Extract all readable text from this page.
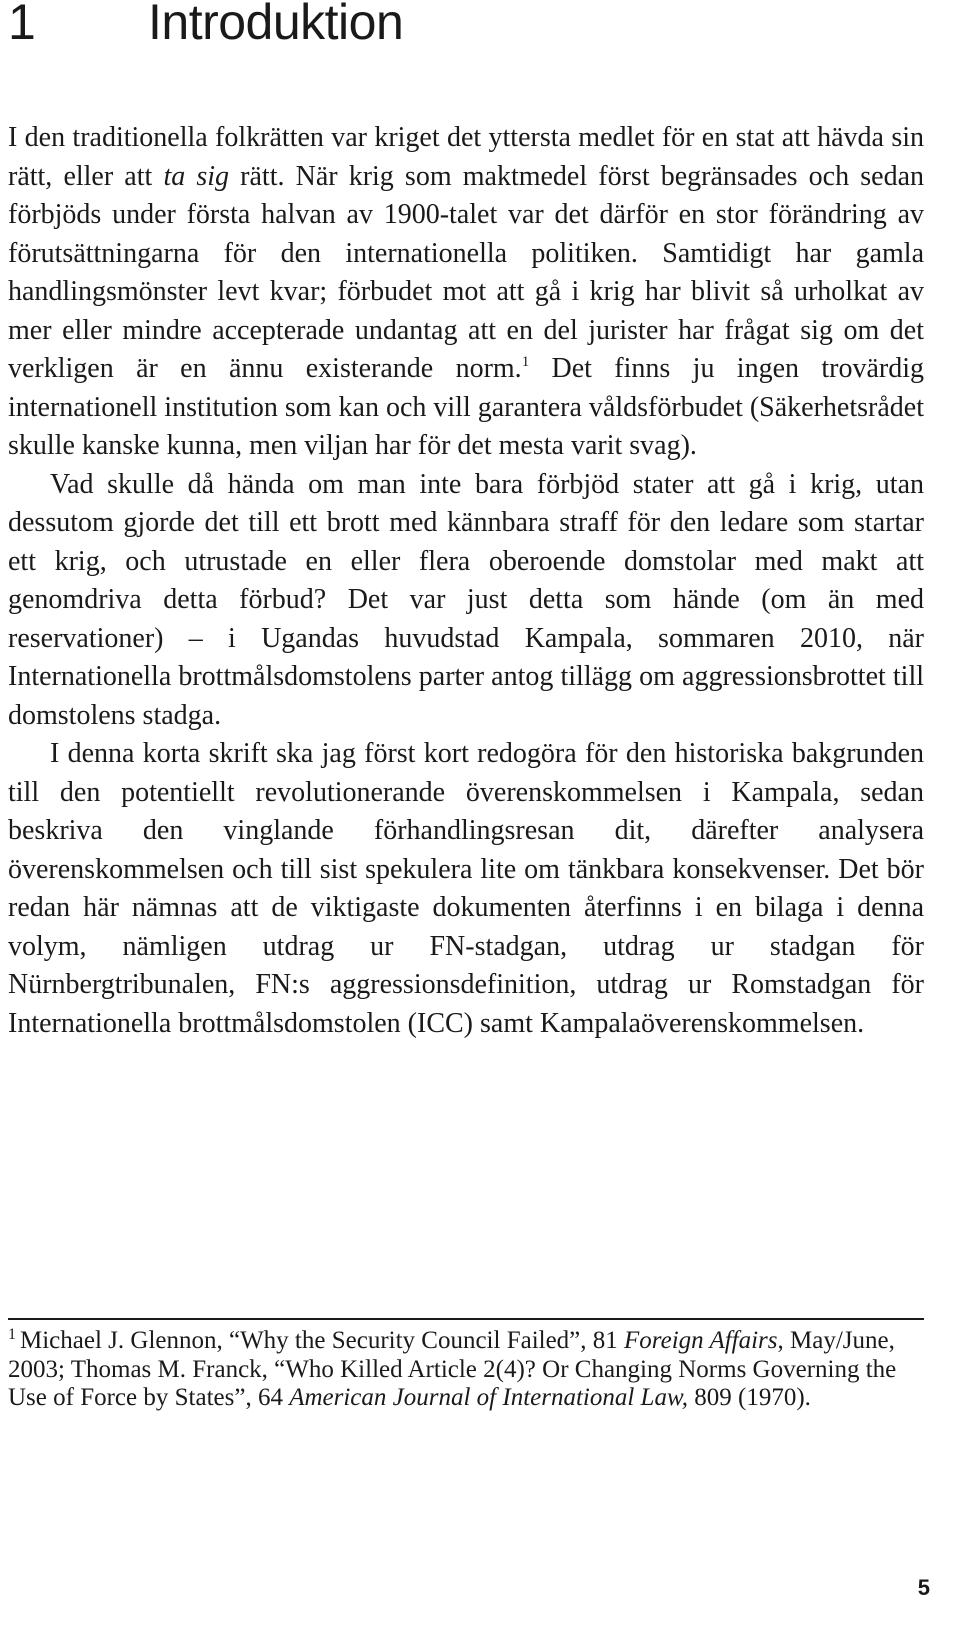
1 Introduktion

I den traditionella folkrätten var kriget det yttersta medlet för en stat att hävda sin rätt, eller att ta sig rätt. När krig som maktmedel först begränsades och sedan förbjöds under första halvan av 1900-talet var det därför en stor förändring av förutsättningarna för den internationella politiken. Samtidigt har gamla handlingsmönster levt kvar; förbudet mot att gå i krig har blivit så urholkat av mer eller mindre accepterade undantag att en del jurister har frågat sig om det verkligen är en ännu existerande norm.$^1$ Det finns ju ingen trovärdig internationell institution som kan och vill garantera våldsförbudet (Säkerhetsrådet skulle kanske kunna, men viljan har för det mesta varit svag).

Vad skulle då hända om man inte bara förbjöd stater att gå i krig, utan dessutom gjorde det till ett brott med kännbara straff för den ledare som startar ett krig, och utrustade en eller flera oberoende domstolar med makt att genomdriva detta förbud? Det var just detta som hände (om än med reservationer) – i Ugandas huvudstad Kampala, sommaren 2010, när Internationella brottmålsdomstolens parter antog tillägg om aggressionsbrottet till domstolens stadga.

I denna korta skrift ska jag först kort redogöra för den historiska bakgrunden till den potentiellt revolutionerande överenskommelsen i Kampala, sedan beskriva den vinglande förhandlingsresan dit, därefter analysera överenskommelsen och till sist spekulera lite om tänkbara konsekvenser. Det bör redan här nämnas att de viktigaste dokumenten återfinns i en bilaga i denna volym, nämligen utdrag ur FN-stadgan, utdrag ur stadgan för Nürnbergtribunalen, FN:s aggressionsdefinition, utdrag ur Romstadgan för Internationella brottmålsdomstolen (ICC) samt Kampalaöverenskommelsen.

$^1$ Michael J. Glennon, “Why the Security Council Failed”, 81 Foreign Affairs, May/June, 2003; Thomas M. Franck, “Who Killed Article 2(4)? Or Changing Norms Governing the Use of Force by States”, 64 American Journal of International Law, 809 (1970).

5
